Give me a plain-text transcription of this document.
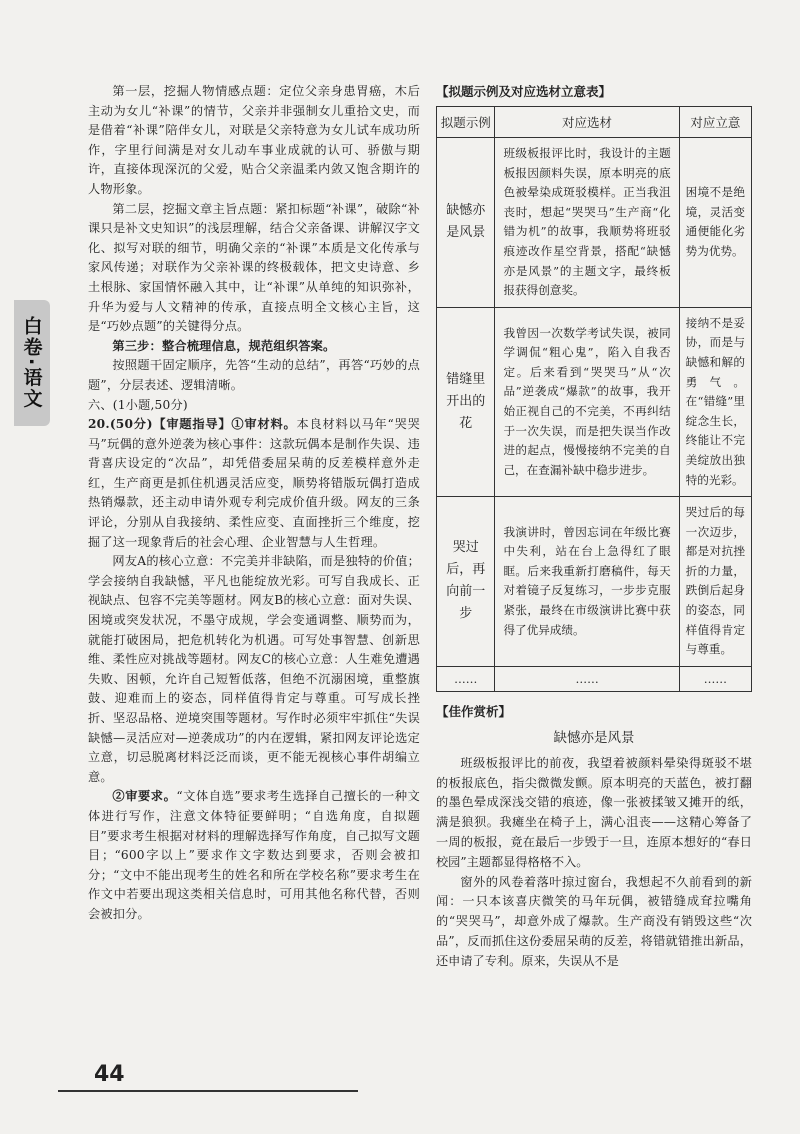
第一层，挖掘人物情感点题：定位父亲身患胃癌，木后主动为女儿“补课”的情节，父亲并非强制女儿重拾文史，而是借着“补课”陪伴女儿，对联是父亲特意为女儿试车成功所作，字里行间满是对女儿动车事业成就的认可、骄傲与期许，直接体现深沉的父爱，贴合父亲温柔内敛又饱含期许的人物形象。

第二层，挖掘文章主旨点题：紧扣标题“补课”，破除“补课只是补文史知识”的浅层理解，结合父亲备课、讲解汉字文化、拟写对联的细节，明确父亲的“补课”本质是文化传承与家风传递；对联作为父亲补课的终极载体，把文史诗意、乡土根脉、家国情怀融入其中，让“补课”从单纯的知识弥补，升华为爱与人文精神的传承，直接点明全文核心主旨，这是“巧妙点题”的关键得分点。

第三步：整合梳理信息，规范组织答案。

按照题干固定顺序，先答“生动的总结”，再答“巧妙的点题”，分层表述、逻辑清晰。

六、(1小题,50分)

20.(50分)【审题指导】①审材料。本良材料以马年“哭哭马”玩偶的意外逆袭为核心事件：这款玩偶本是制作失误、违背喜庆设定的“次品”，却凭借委屈呆萌的反差模样意外走红，生产商更是抓住机遇灵活应变，顺势将错版玩偶打造成热销爆款，还主动申请外观专利完成价值升级。网友的三条评论，分别从自我接纳、柔性应变、直面挫折三个维度，挖掘了这一现象背后的社会心理、企业智慧与人生哲理。

网友A的核心立意：不完美并非缺陷，而是独特的价值；学会接纳自我缺憾，平凡也能绽放光彩。可写自我成长、正视缺点、包容不完美等题材。网友B的核心立意：面对失误、困境或突发状况，不墨守成规，学会变通调整、顺势而为，就能打破困局，把危机转化为机遇。可写处事智慧、创新思维、柔性应对挑战等题材。网友C的核心立意：人生难免遭遇失败、困顿，允许自己短暂低落，但绝不沉溺困境，重整旗鼓、迎难而上的姿态，同样值得肯定与尊重。可写成长挫折、坚忍品格、逆境突围等题材。写作时必须牢牢抓住“失误缺憾—灵活应对—逆袭成功”的内在逻辑，紧扣网友评论选定立意，切忌脱离材料泛泛而谈，更不能无视核心事件胡编立意。

②审要求。“文体自选”要求考生选择自己擅长的一种文体进行写作，注意文体特征要鲜明；“自选角度，自拟题目”要求考生根据对材料的理解选择写作角度，自己拟写文题目；“600字以上”要求作文字数达到要求，否则会被扣分；“文中不能出现考生的姓名和所在学校名称”要求考生在作文中若要出现这类相关信息时，可用其他名称代替，否则会被扣分。

白卷·语文
44
【拟题示例及对应选材立意表】
拟题示例	对应选材	对应立意
缺憾亦是风景	班级板报评比时，我设计的主题板报因颜料失误，原本明亮的底色被晕染成斑驳模样。正当我沮丧时，想起“哭哭马”生产商“化错为机”的故事，我顺势将班驳痕迹改作星空背景，搭配“缺憾亦是风景”的主题文字，最终板报获得创意奖。	困境不是绝境，灵活变通便能化劣势为优势。
错缝里开出的花	我曾因一次数学考试失误，被同学调侃“粗心鬼”，陷入自我否定。后来看到“哭哭马”从“次品”逆袭成“爆款”的故事，我开始正视自己的不完美，不再纠结于一次失误，而是把失误当作改进的起点，慢慢接纳不完美的自己，在查漏补缺中稳步进步。	接纳不是妥协，而是与缺憾和解的勇气。在“错缝”里绽念生长，终能让不完美绽放出独特的光彩。
哭过后，再向前一步	我演讲时，曾因忘词在年级比赛中失利，站在台上急得红了眼眶。后来我重新打磨稿件，每天对着镜子反复练习，一步步克服紧张，最终在市级演讲比赛中获得了优异成绩。	哭过后的每一次迈步，都是对抗挫折的力量，跌倒后起身的姿态，同样值得肯定与尊重。
……	……	……
【佳作赏析】
缺憾亦是风景

班级板报评比的前夜，我望着被颜料晕染得斑驳不堪的板报底色，指尖微微发颤。原本明亮的天蓝色，被打翻的墨色晕成深浅交错的痕迹，像一张被揉皱又摊开的纸，满是狼狈。我瘫坐在椅子上，满心沮丧——这精心筹备了一周的板报，竟在最后一步毁于一旦，连原本想好的“春日校园”主题都显得格格不入。

窗外的风卷着落叶掠过窗台，我想起不久前看到的新闻：一只本该喜庆微笑的马年玩偶，被错缝成耷拉嘴角的“哭哭马”，却意外成了爆款。生产商没有销毁这些“次品”，反而抓住这份委屈呆萌的反差，将错就错推出新品，还申请了专利。原来，失误从不是
